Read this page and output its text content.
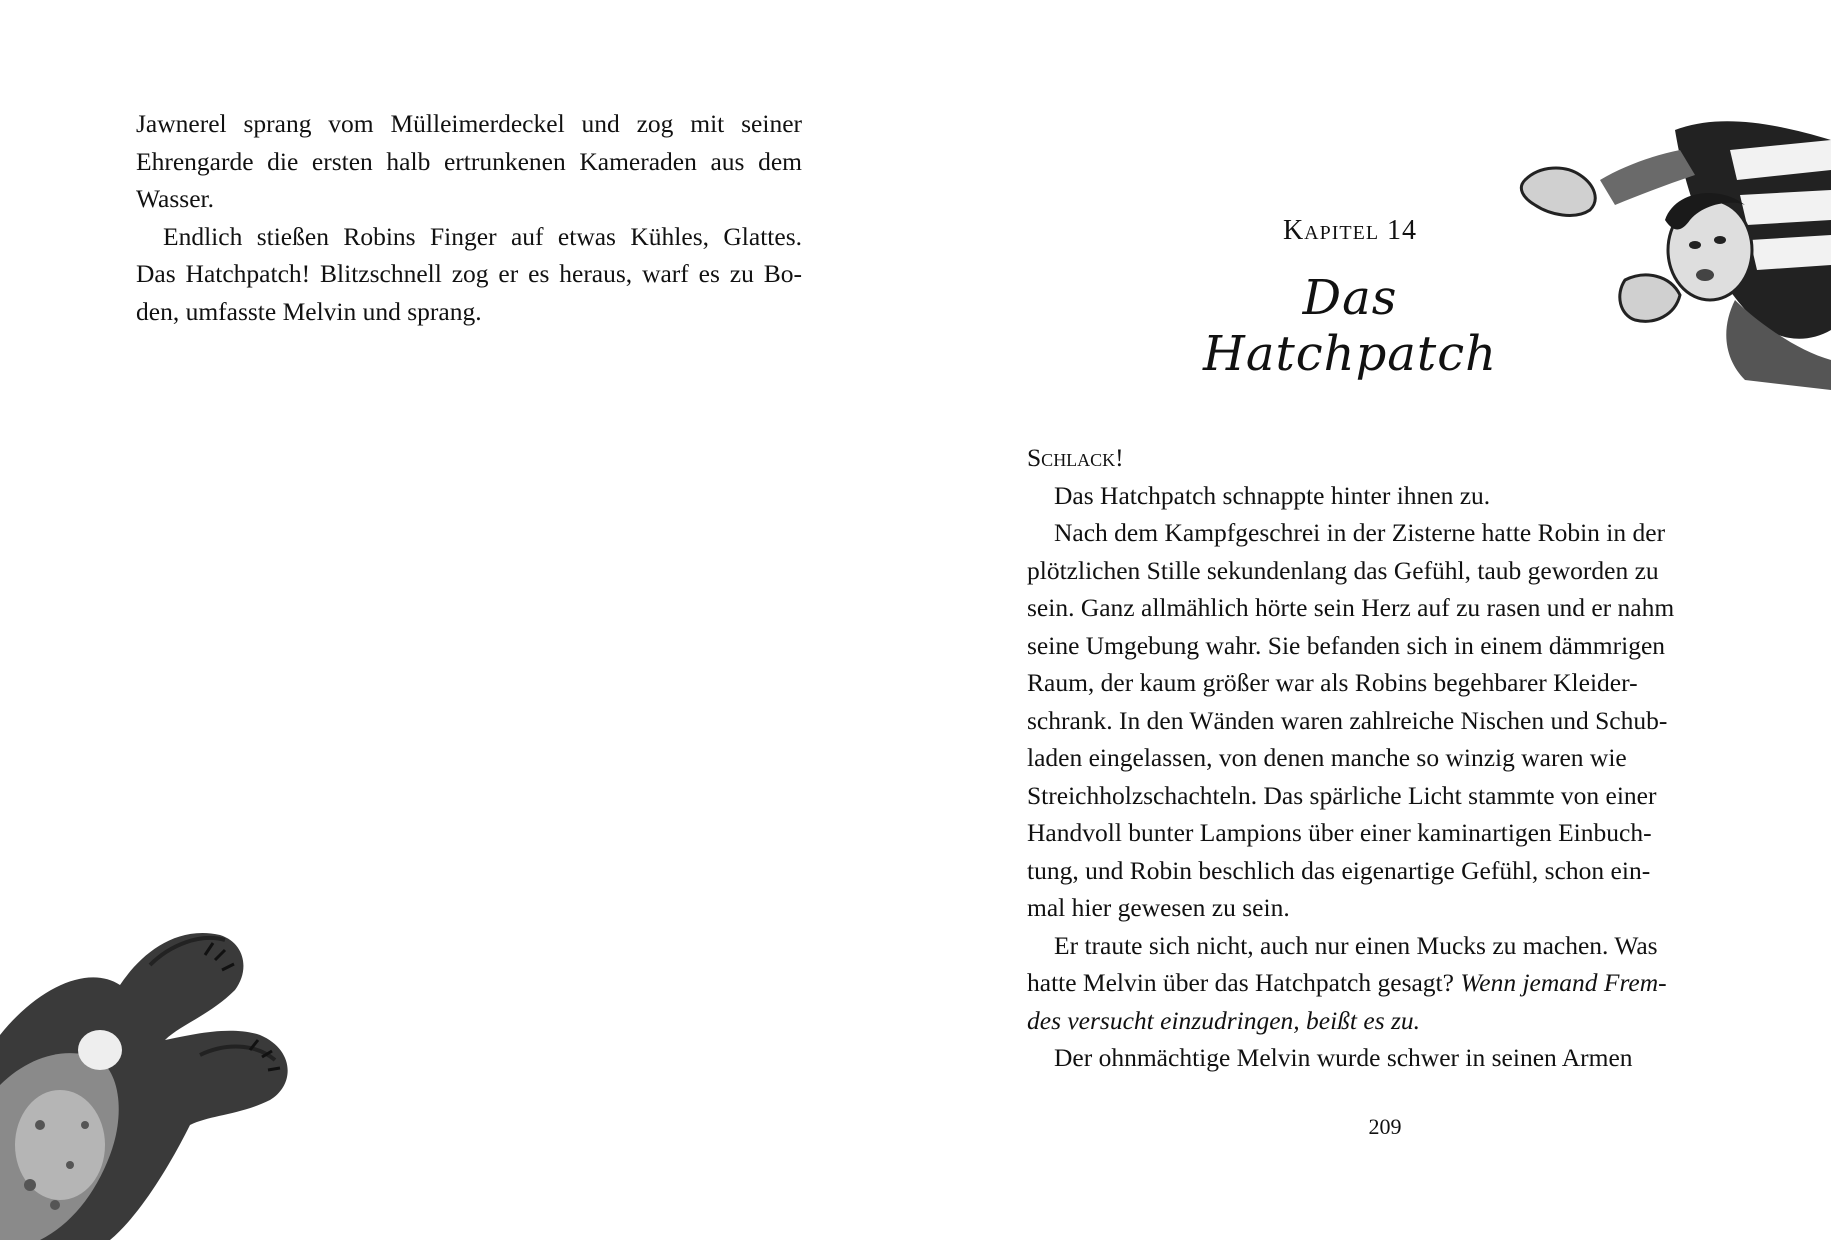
Jawnerel sprang vom Mülleimerdeckel und zog mit seiner
Ehrengarde die ersten halb ertrunkenen Kameraden aus dem
Wasser.
Endlich stießen Robins Finger auf etwas Kühles, Glattes.
Das Hatchpatch! Blitzschnell zog er es heraus, warf es zu Bo-
den, umfasste Melvin und sprang.
Kapitel 14
Das Hatchpatch
Schlack!
Das Hatchpatch schnappte hinter ihnen zu.
Nach dem Kampfgeschrei in der Zisterne hatte Robin in der
plötzlichen Stille sekundenlang das Gefühl, taub geworden zu
sein. Ganz allmählich hörte sein Herz auf zu rasen und er nahm
seine Umgebung wahr. Sie befanden sich in einem dämmrigen
Raum, der kaum größer war als Robins begehbarer Kleider-
schrank. In den Wänden waren zahlreiche Nischen und Schub-
laden eingelassen, von denen manche so winzig waren wie
Streichholzschachteln. Das spärliche Licht stammte von einer
Handvoll bunter Lampions über einer kaminartigen Einbuch-
tung, und Robin beschlich das eigenartige Gefühl, schon ein-
mal hier gewesen zu sein.
Er traute sich nicht, auch nur einen Mucks zu machen. Was
hatte Melvin über das Hatchpatch gesagt? Wenn jemand Frem-
des versucht einzudringen, beißt es zu.
Der ohnmächtige Melvin wurde schwer in seinen Armen
209
